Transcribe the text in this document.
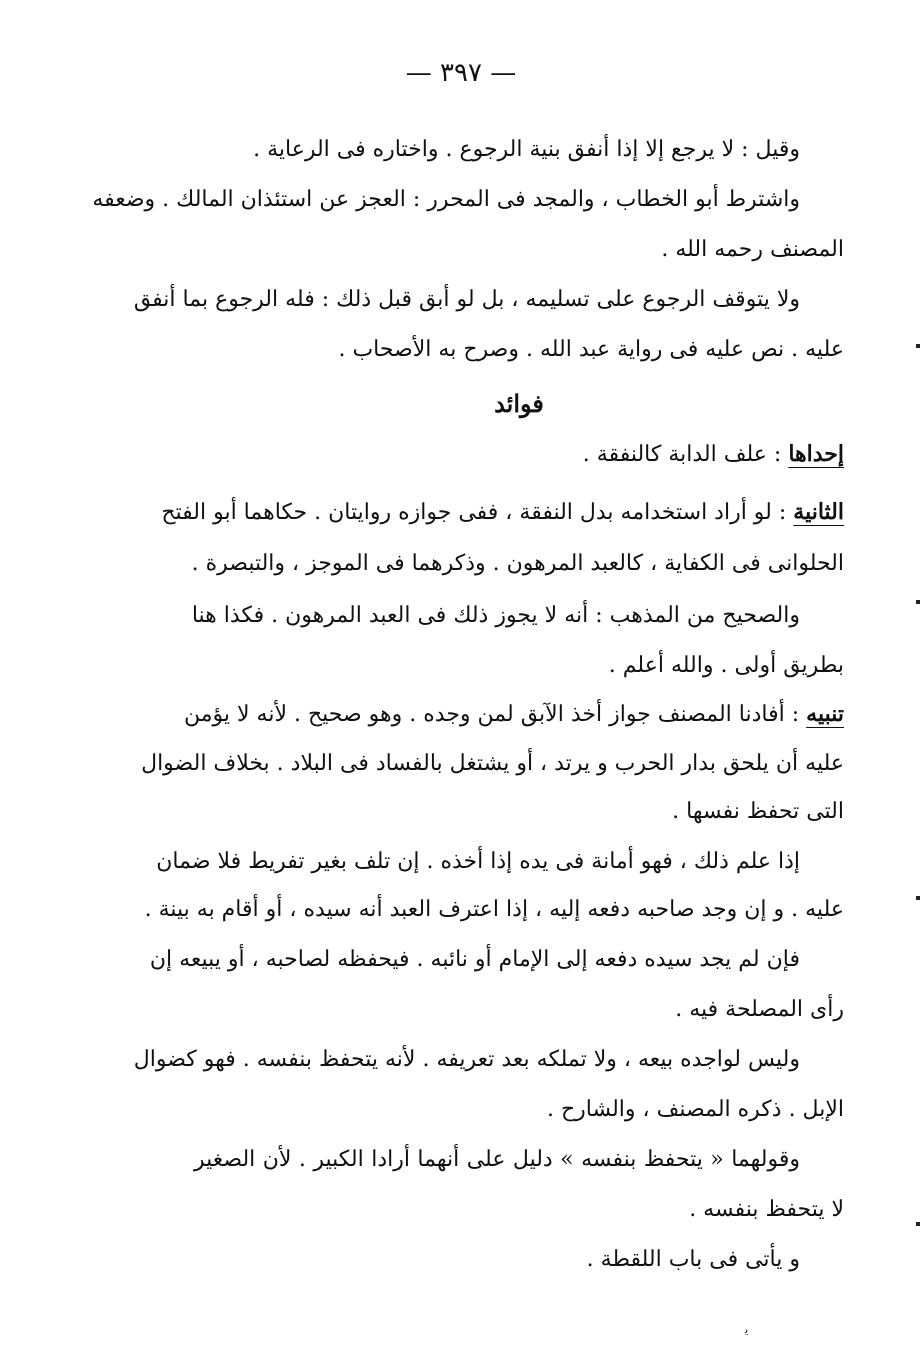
— ٣٩٧ —
وقيل : لا يرجع إلا إذا أنفق بنية الرجوع . واختاره فى الرعاية .
واشترط أبو الخطاب ، والمجد فى المحرر : العجز عن استئذان المالك . وضعفه
المصنف رحمه الله .
ولا يتوقف الرجوع على تسليمه ، بل لو أبق قبل ذلك : فله الرجوع بما أنفق
عليه . نص عليه فى رواية عبد الله . وصرح به الأصحاب .
فوائد
إحداها : علف الدابة كالنفقة .
الثانية : لو أراد استخدامه بدل النفقة ، ففى جوازه روايتان . حكاهما أبو الفتح
الحلوانى فى الكفاية ، كالعبد المرهون . وذكرهما فى الموجز ، والتبصرة .
والصحيح من المذهب : أنه لا يجوز ذلك فى العبد المرهون . فكذا هنا
بطريق أولى . والله أعلم .
تنبيه : أفادنا المصنف جواز أخذ الآبق لمن وجده . وهو صحيح . لأنه لا يؤمن
عليه أن يلحق بدار الحرب و يرتد ، أو يشتغل بالفساد فى البلاد . بخلاف الضوال
التى تحفظ نفسها .
إذا علم ذلك ، فهو أمانة فى يده إذا أخذه . إن تلف بغير تفريط فلا ضمان
عليه . و إن وجد صاحبه دفعه إليه ، إذا اعترف العبد أنه سيده ، أو أقام به بينة .
فإن لم يجد سيده دفعه إلى الإمام أو نائبه . فيحفظه لصاحبه ، أو يبيعه إن
رأى المصلحة فيه .
وليس لواجده بيعه ، ولا تملكه بعد تعريفه . لأنه يتحفظ بنفسه . فهو كضوال
الإبل . ذكره المصنف ، والشارح .
وقولهما « يتحفظ بنفسه » دليل على أنهما أرادا الكبير . لأن الصغير
لا يتحفظ بنفسه .
و يأتى فى باب اللقطة .
ﯾ
